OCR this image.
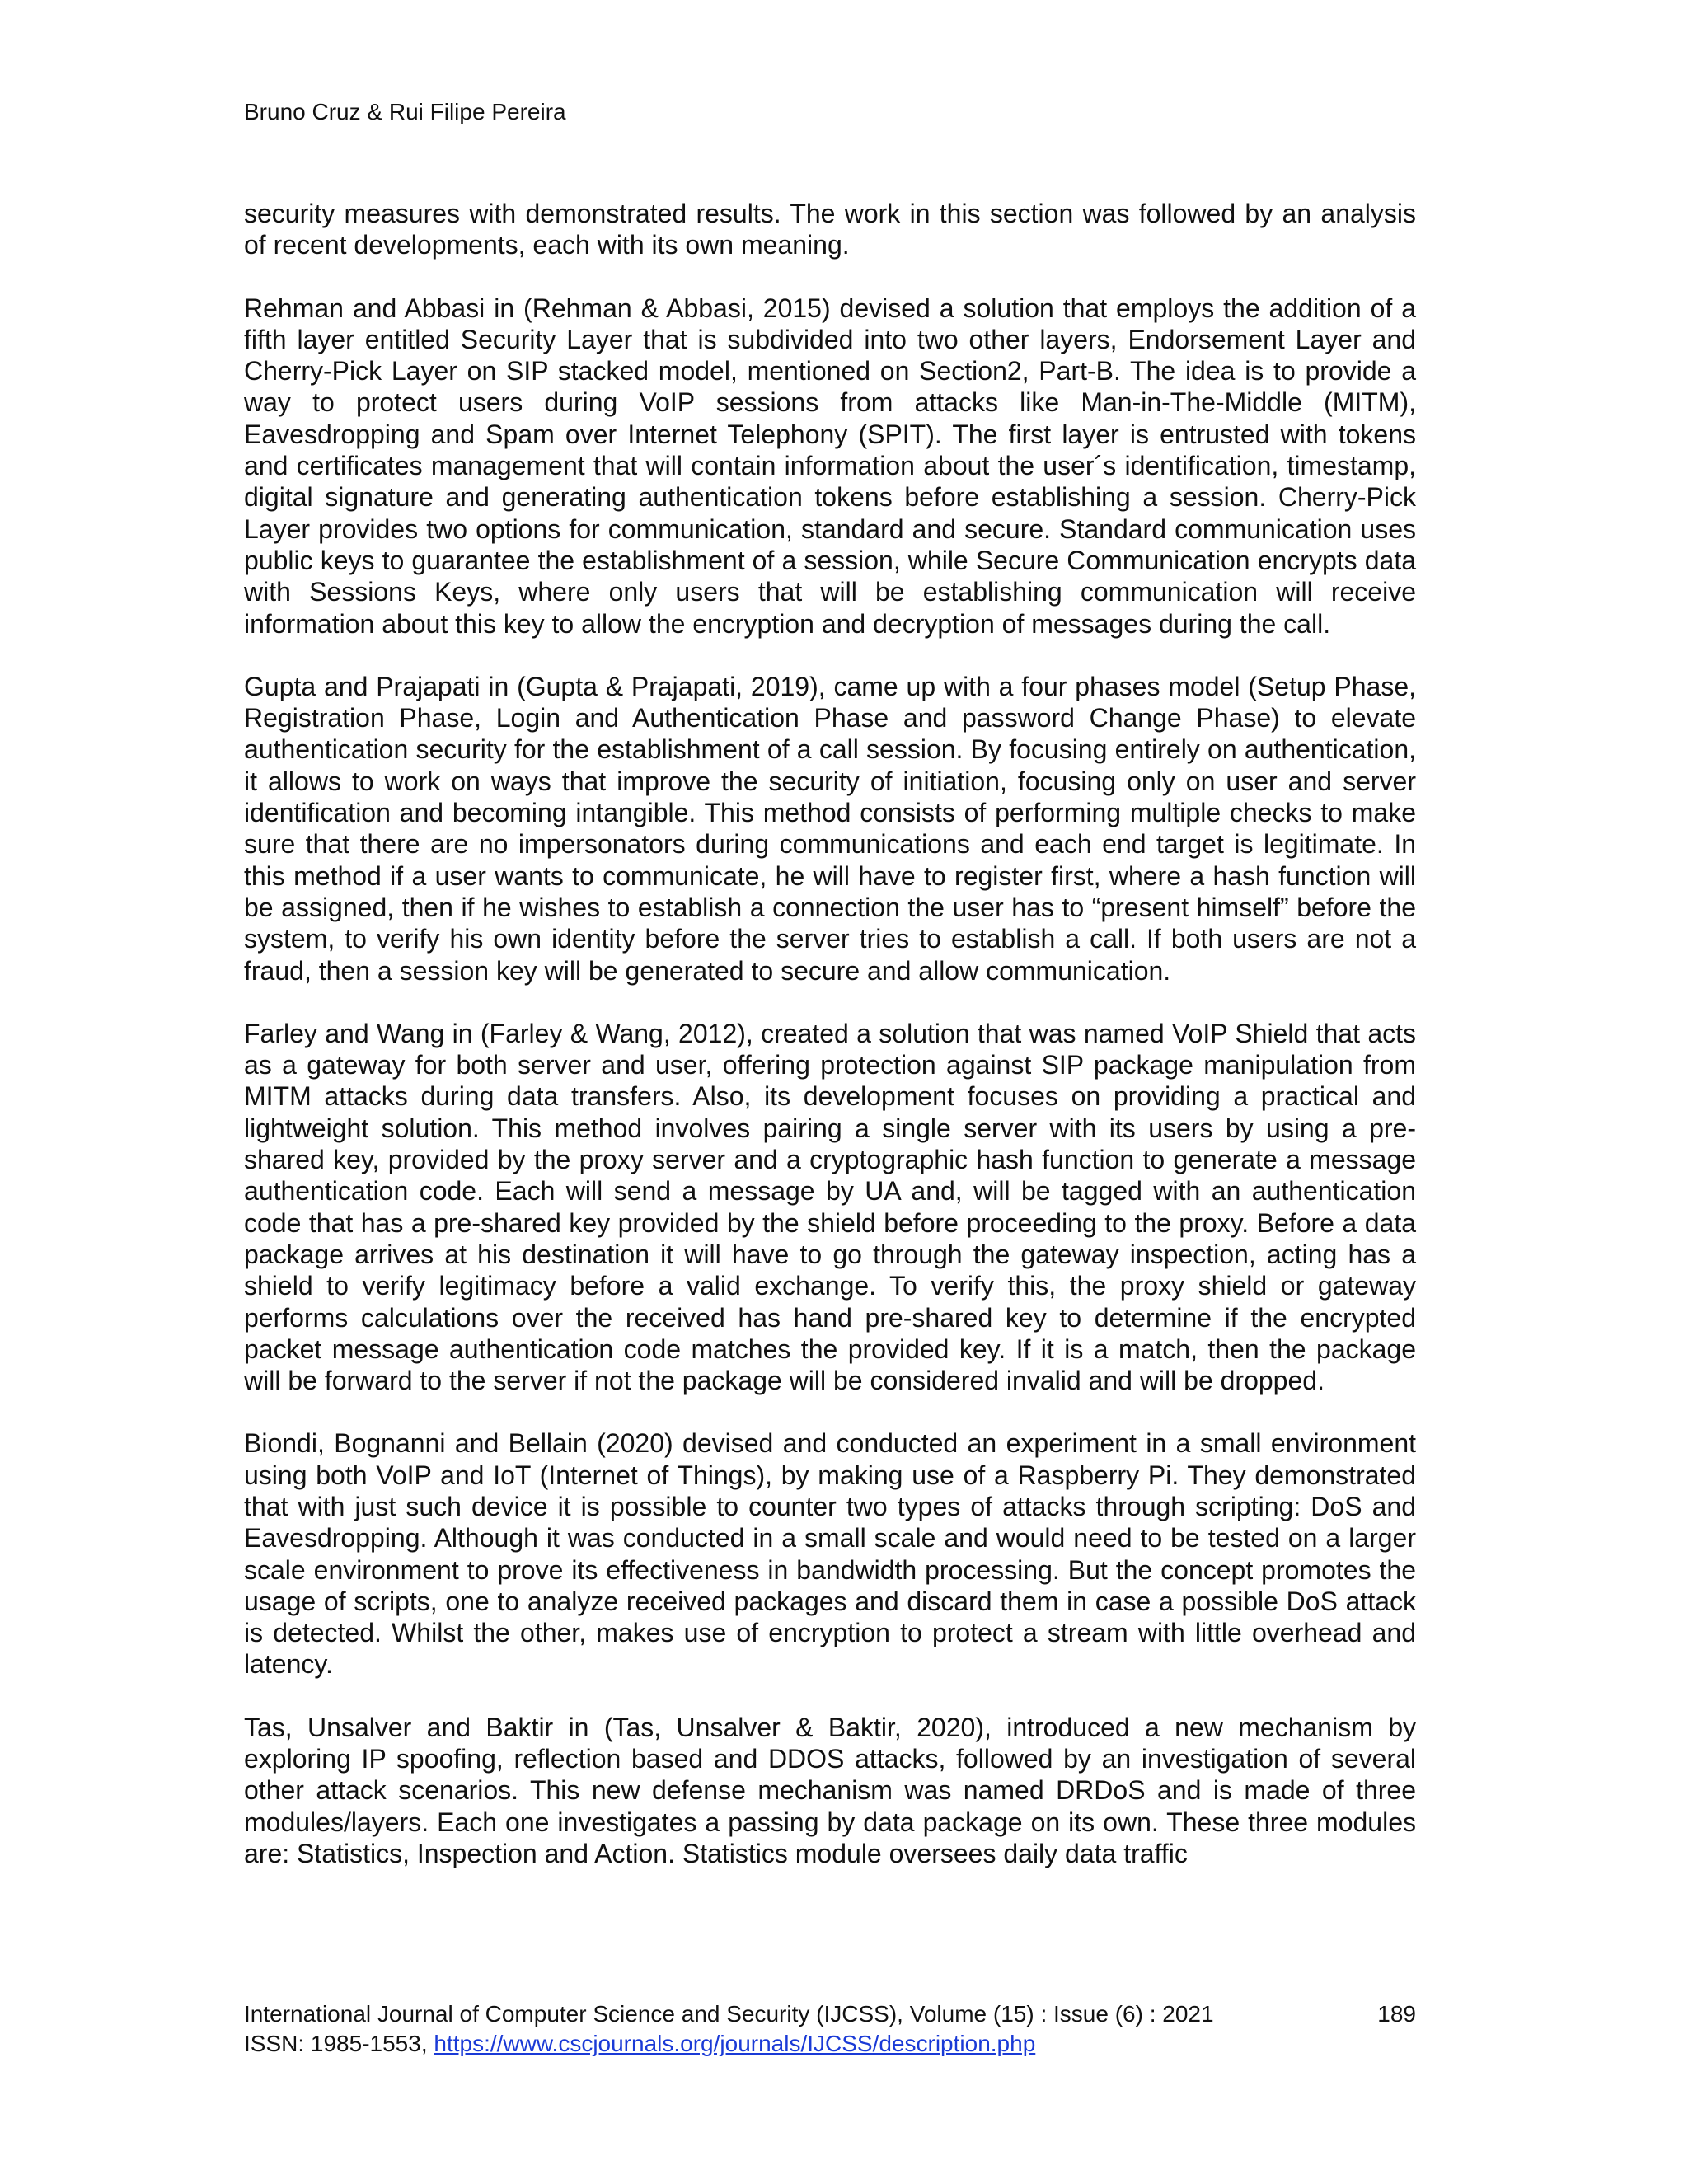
Bruno Cruz & Rui Filipe Pereira

security measures with demonstrated results. The work in this section was followed by an analysis of recent developments, each with its own meaning.

Rehman and Abbasi in (Rehman & Abbasi, 2015) devised a solution that employs the addition of a fifth layer entitled Security Layer that is subdivided into two other layers, Endorsement Layer and Cherry-Pick Layer on SIP stacked model, mentioned on Section2, Part-B. The idea is to provide a way to protect users during VoIP sessions from attacks like Man-in-The-Middle (MITM), Eavesdropping and Spam over Internet Telephony (SPIT). The first layer is entrusted with tokens and certificates management that will contain information about the user´s identification, timestamp, digital signature and generating authentication tokens before establishing a session. Cherry-Pick Layer provides two options for communication, standard and secure. Standard communication uses public keys to guarantee the establishment of a session, while Secure Communication encrypts data with Sessions Keys, where only users that will be establishing communication will receive information about this key to allow the encryption and decryption of messages during the call.

Gupta and Prajapati in (Gupta & Prajapati, 2019), came up with a four phases model (Setup Phase, Registration Phase, Login and Authentication Phase and password Change Phase) to elevate authentication security for the establishment of a call session. By focusing entirely on authentication, it allows to work on ways that improve the security of initiation, focusing only on user and server identification and becoming intangible. This method consists of performing multiple checks to make sure that there are no impersonators during communications and each end target is legitimate. In this method if a user wants to communicate, he will have to register first, where a hash function will be assigned, then if he wishes to establish a connection the user has to “present himself” before the system, to verify his own identity before the server tries to establish a call. If both users are not a fraud, then a session key will be generated to secure and allow communication.

Farley and Wang in (Farley & Wang, 2012), created a solution that was named VoIP Shield that acts as a gateway for both server and user, offering protection against SIP package manipulation from MITM attacks during data transfers. Also, its development focuses on providing a practical and lightweight solution. This method involves pairing a single server with its users by using a pre-shared key, provided by the proxy server and a cryptographic hash function to generate a message authentication code. Each will send a message by UA and, will be tagged with an authentication code that has a pre-shared key provided by the shield before proceeding to the proxy. Before a data package arrives at his destination it will have to go through the gateway inspection, acting has a shield to verify legitimacy before a valid exchange. To verify this, the proxy shield or gateway performs calculations over the received has hand pre-shared key to determine if the encrypted packet message authentication code matches the provided key. If it is a match, then the package will be forward to the server if not the package will be considered invalid and will be dropped.

Biondi, Bognanni and Bellain (2020) devised and conducted an experiment in a small environment using both VoIP and IoT (Internet of Things), by making use of a Raspberry Pi. They demonstrated that with just such device it is possible to counter two types of attacks through scripting: DoS and Eavesdropping. Although it was conducted in a small scale and would need to be tested on a larger scale environment to prove its effectiveness in bandwidth processing. But the concept promotes the usage of scripts, one to analyze received packages and discard them in case a possible DoS attack is detected. Whilst the other, makes use of encryption to protect a stream with little overhead and latency.

Tas, Unsalver and Baktir in (Tas, Unsalver & Baktir, 2020), introduced a new mechanism by exploring IP spoofing, reflection based and DDOS attacks, followed by an investigation of several other attack scenarios. This new defense mechanism was named DRDoS and is made of three modules/layers. Each one investigates a passing by data package on its own. These three modules are: Statistics, Inspection and Action. Statistics module oversees daily data traffic

International Journal of Computer Science and Security (IJCSS), Volume (15) : Issue (6) : 2021	189
ISSN: 1985-1553, https://www.cscjournals.org/journals/IJCSS/description.php
